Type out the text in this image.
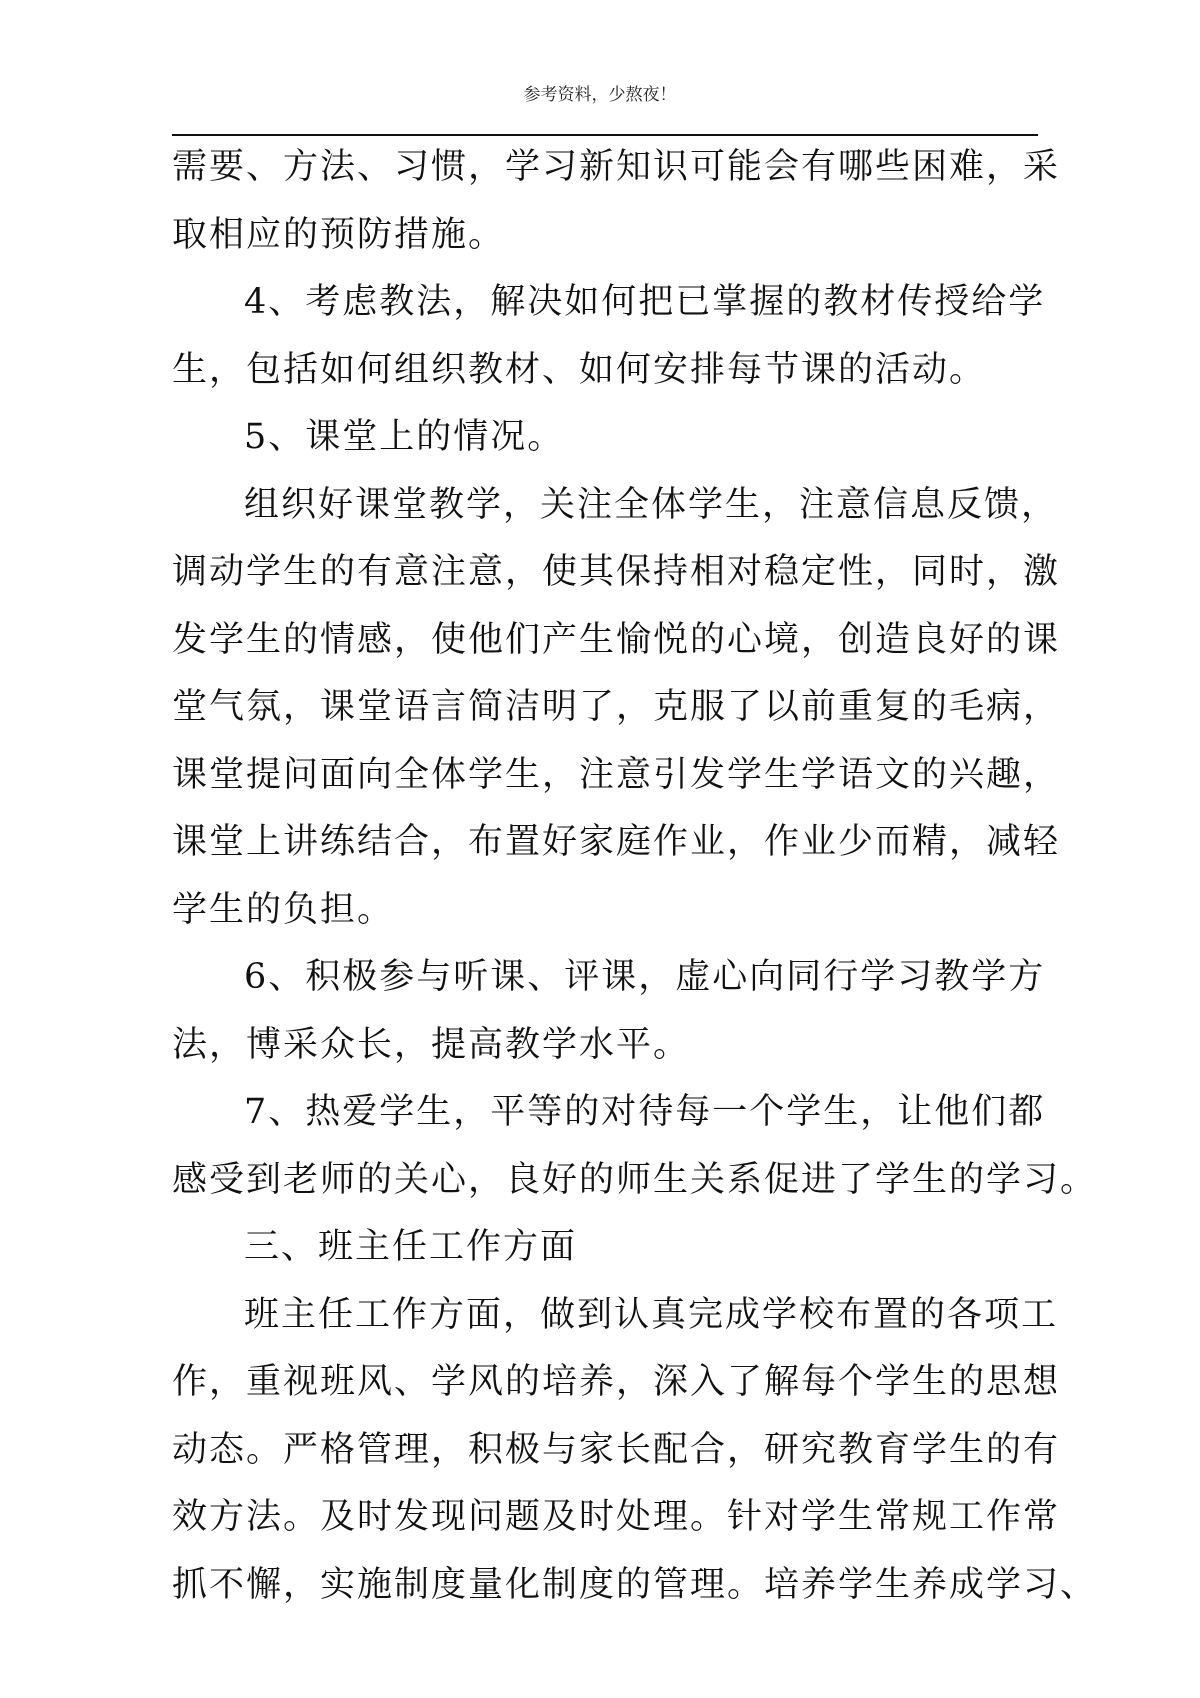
参考资料，少熬夜！
需要、方法、习惯，学习新知识可能会有哪些困难，采
取相应的预防措施。
4、考虑教法，解决如何把已掌握的教材传授给学
生，包括如何组织教材、如何安排每节课的活动。
5、课堂上的情况。
组织好课堂教学，关注全体学生，注意信息反馈，
调动学生的有意注意，使其保持相对稳定性，同时，激
发学生的情感，使他们产生愉悦的心境，创造良好的课
堂气氛，课堂语言简洁明了，克服了以前重复的毛病，
课堂提问面向全体学生，注意引发学生学语文的兴趣，
课堂上讲练结合，布置好家庭作业，作业少而精，减轻
学生的负担。
6、积极参与听课、评课，虚心向同行学习教学方
法，博采众长，提高教学水平。
7、热爱学生，平等的对待每一个学生，让他们都
感受到老师的关心，良好的师生关系促进了学生的学习。
三、班主任工作方面
班主任工作方面，做到认真完成学校布置的各项工
作，重视班风、学风的培养，深入了解每个学生的思想
动态。严格管理，积极与家长配合，研究教育学生的有
效方法。及时发现问题及时处理。针对学生常规工作常
抓不懈，实施制度量化制度的管理。培养学生养成学习、
